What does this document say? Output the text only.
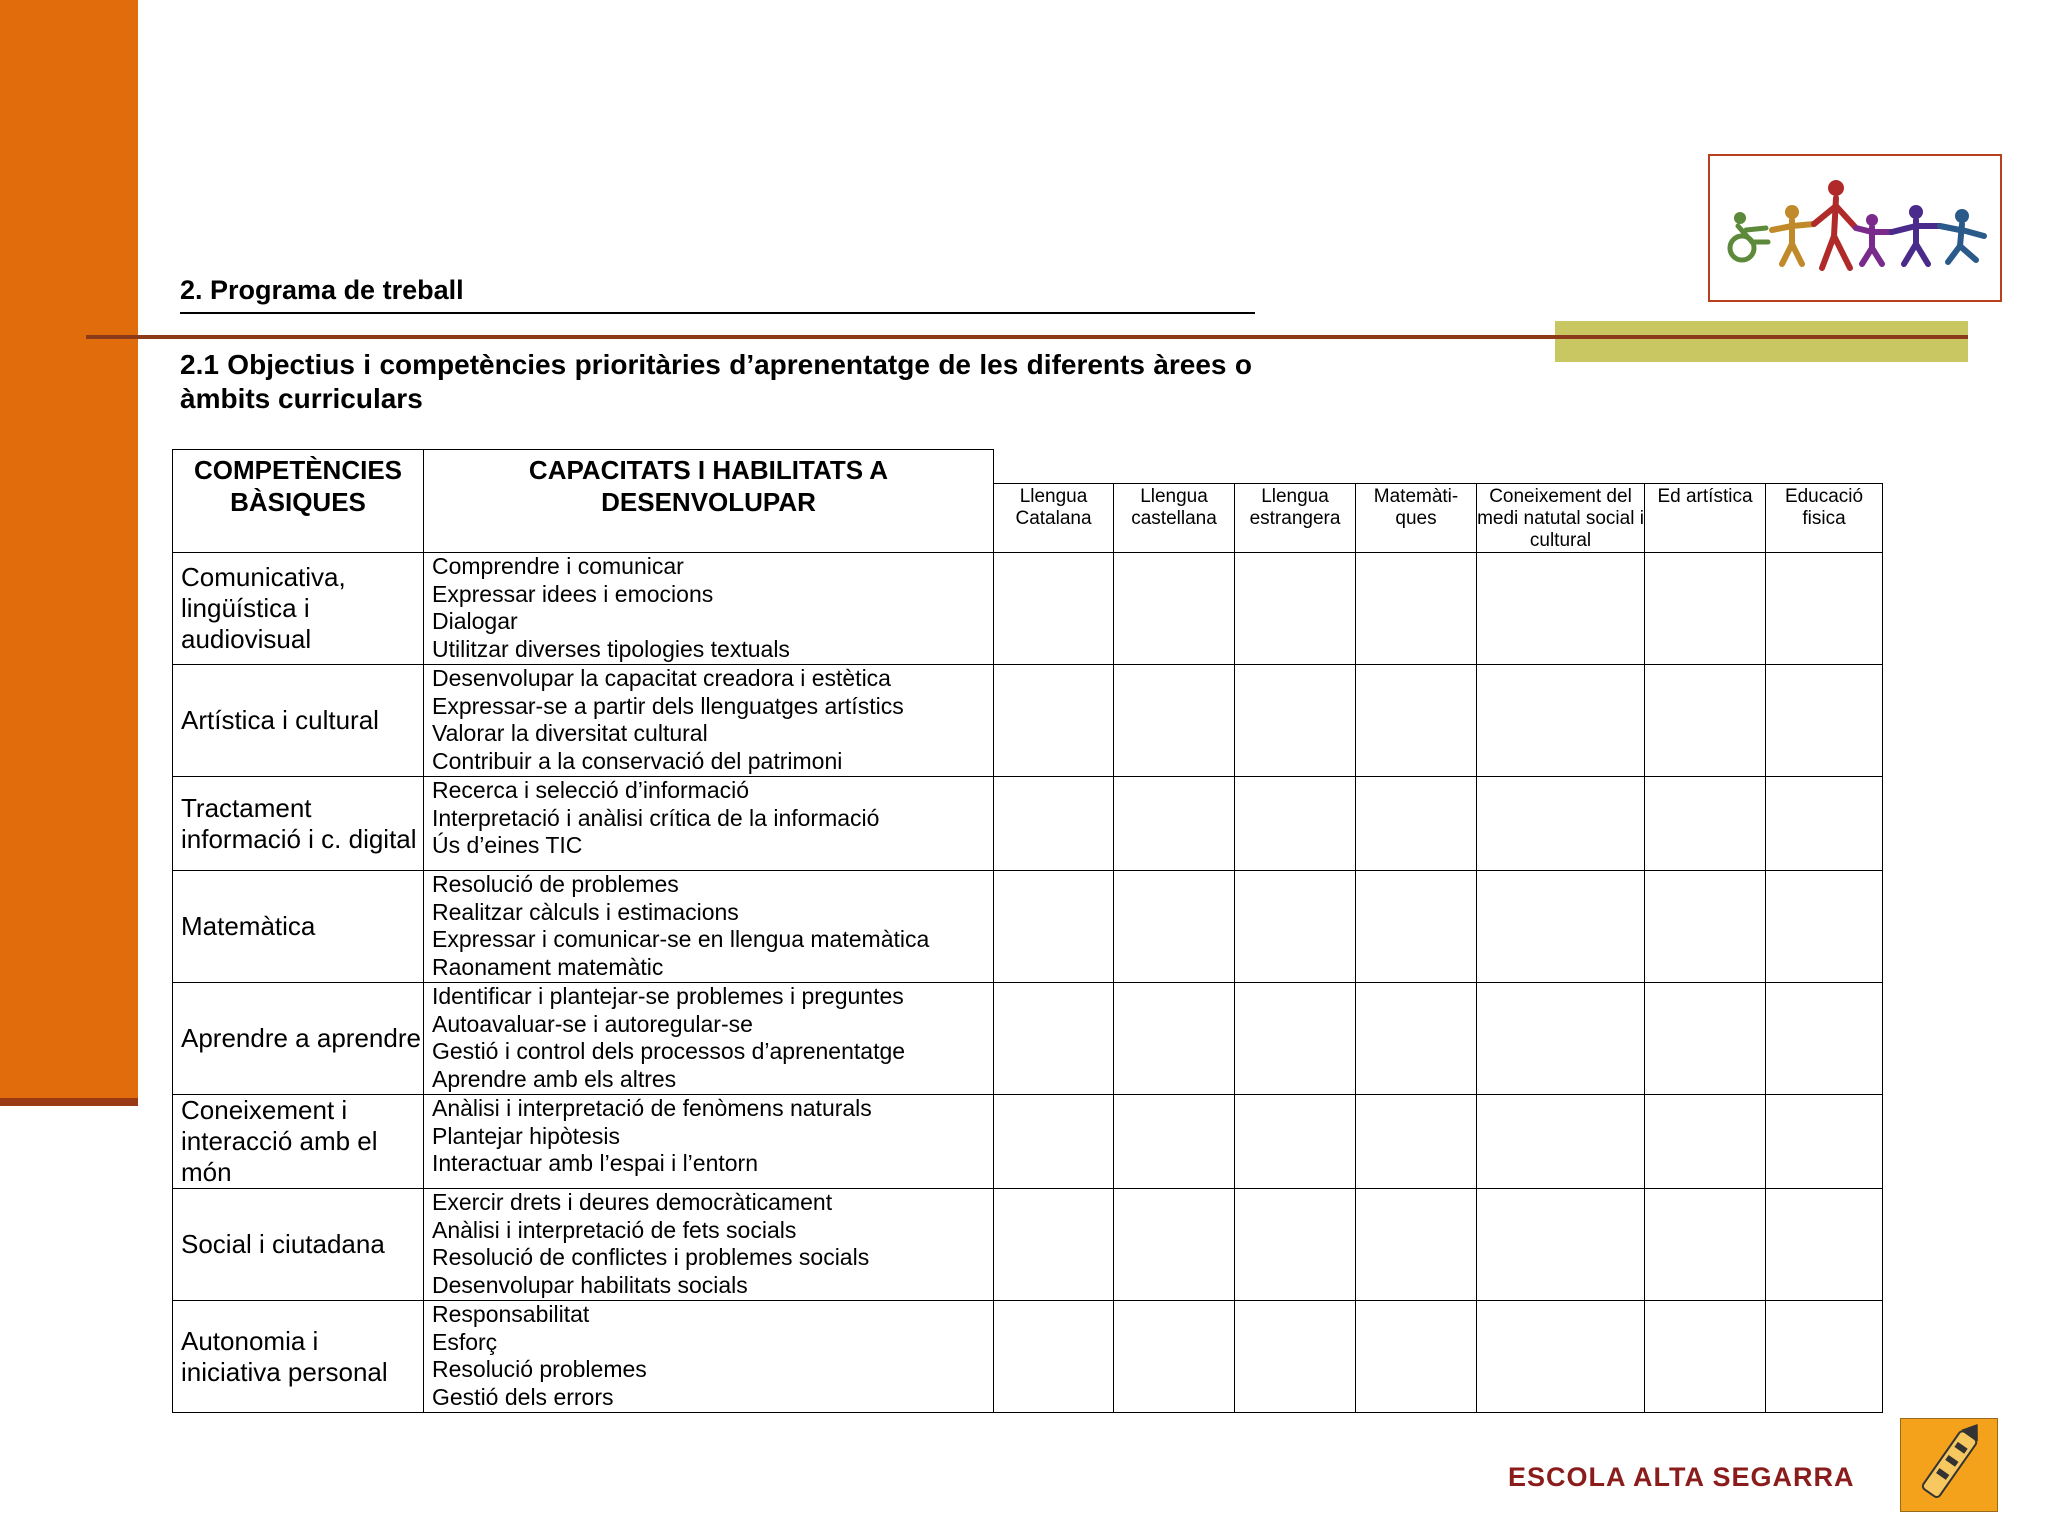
2. Programa de treball
2.1 Objectius i competències prioritàries d’aprenentatge de les diferents àrees o àmbits curriculars
COMPETÈNCIES BÀSIQUES	CAPACITATS I HABILITATS A DESENVOLUPAR							
		Llengua Catalana	Llengua castellana	Llengua estrangera	Matemàti-ques	Coneixement del medi natutal social i cultural	Ed artística	Educació fisica
Comunicativa, lingüística i audiovisual	Comprendre i comunicar
Expressar idees i emocions
Dialogar
Utilitzar diverses tipologies textuals							

Artística i cultural	Desenvolupar la capacitat creadora i estètica
Expressar-se a partir dels llenguatges artístics
Valorar la diversitat cultural
Contribuir a la conservació del patrimoni							

Tractament informació i c. digital	Recerca i selecció d’informació
Interpretació i anàlisi crítica de la informació
Ús d’eines TIC							

Matemàtica	Resolució de problemes
Realitzar càlculs i estimacions
Expressar i comunicar-se en llengua matemàtica
Raonament matemàtic							

Aprendre a aprendre	Identificar i plantejar-se problemes i preguntes
Autoavaluar-se i autoregular-se
Gestió i control dels processos d’aprenentatge
Aprendre amb els altres							

Coneixement i interacció amb el món	Anàlisi i interpretació de fenòmens naturals
Plantejar hipòtesis
Interactuar amb l’espai i l’entorn							

Social i ciutadana	Exercir drets i deures democràticament
Anàlisi i interpretació de fets socials
Resolució de conflictes i problemes socials
Desenvolupar habilitats socials							

Autonomia i iniciativa personal	Responsabilitat
Esforç
Resolució problemes
Gestió dels errors							

ESCOLA ALTA SEGARRA
